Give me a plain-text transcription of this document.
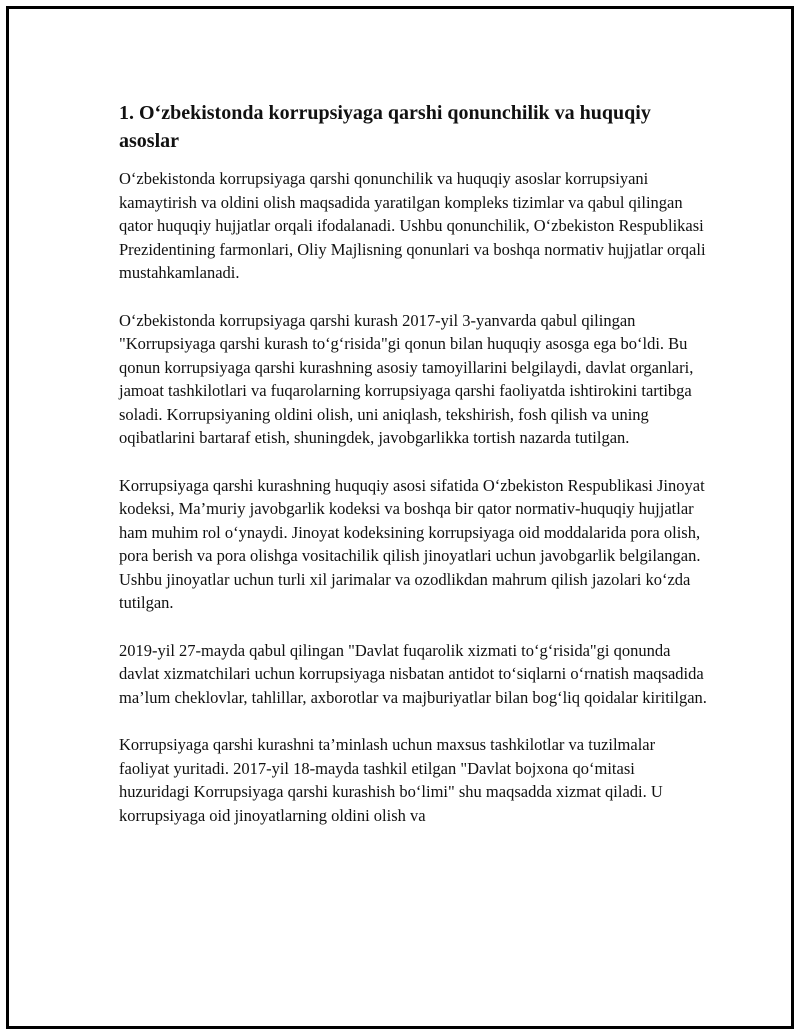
1. O‘zbekistonda korrupsiyaga qarshi qonunchilik va huquqiy asoslar

O‘zbekistonda korrupsiyaga qarshi qonunchilik va huquqiy asoslar korrupsiyani kamaytirish va oldini olish maqsadida yaratilgan kompleks tizimlar va qabul qilingan qator huquqiy hujjatlar orqali ifodalanadi. Ushbu qonunchilik, O‘zbekiston Respublikasi Prezidentining farmonlari, Oliy Majlisning qonunlari va boshqa normativ hujjatlar orqali mustahkamlanadi.

O‘zbekistonda korrupsiyaga qarshi kurash 2017-yil 3-yanvarda qabul qilingan "Korrupsiyaga qarshi kurash to‘g‘risida"gi qonun bilan huquqiy asosga ega bo‘ldi. Bu qonun korrupsiyaga qarshi kurashning asosiy tamoyillarini belgilaydi, davlat organlari, jamoat tashkilotlari va fuqarolarning korrupsiyaga qarshi faoliyatda ishtirokini tartibga soladi. Korrupsiyaning oldini olish, uni aniqlash, tekshirish, fosh qilish va uning oqibatlarini bartaraf etish, shuningdek, javobgarlikka tortish nazarda tutilgan.

Korrupsiyaga qarshi kurashning huquqiy asosi sifatida O‘zbekiston Respublikasi Jinoyat kodeksi, Ma’muriy javobgarlik kodeksi va boshqa bir qator normativ-huquqiy hujjatlar ham muhim rol o‘ynaydi. Jinoyat kodeksining korrupsiyaga oid moddalarida pora olish, pora berish va pora olishga vositachilik qilish jinoyatlari uchun javobgarlik belgilangan. Ushbu jinoyatlar uchun turli xil jarimalar va ozodlikdan mahrum qilish jazolari ko‘zda tutilgan.

2019-yil 27-mayda qabul qilingan "Davlat fuqarolik xizmati to‘g‘risida"gi qonunda davlat xizmatchilari uchun korrupsiyaga nisbatan antidot to‘siqlarni o‘rnatish maqsadida ma’lum cheklovlar, tahlillar, axborotlar va majburiyatlar bilan bog‘liq qoidalar kiritilgan.

Korrupsiyaga qarshi kurashni ta’minlash uchun maxsus tashkilotlar va tuzilmalar faoliyat yuritadi. 2017-yil 18-mayda tashkil etilgan "Davlat bojxona qo‘mitasi huzuridagi Korrupsiyaga qarshi kurashish bo‘limi" shu maqsadda xizmat qiladi. U korrupsiyaga oid jinoyatlarning oldini olish va
